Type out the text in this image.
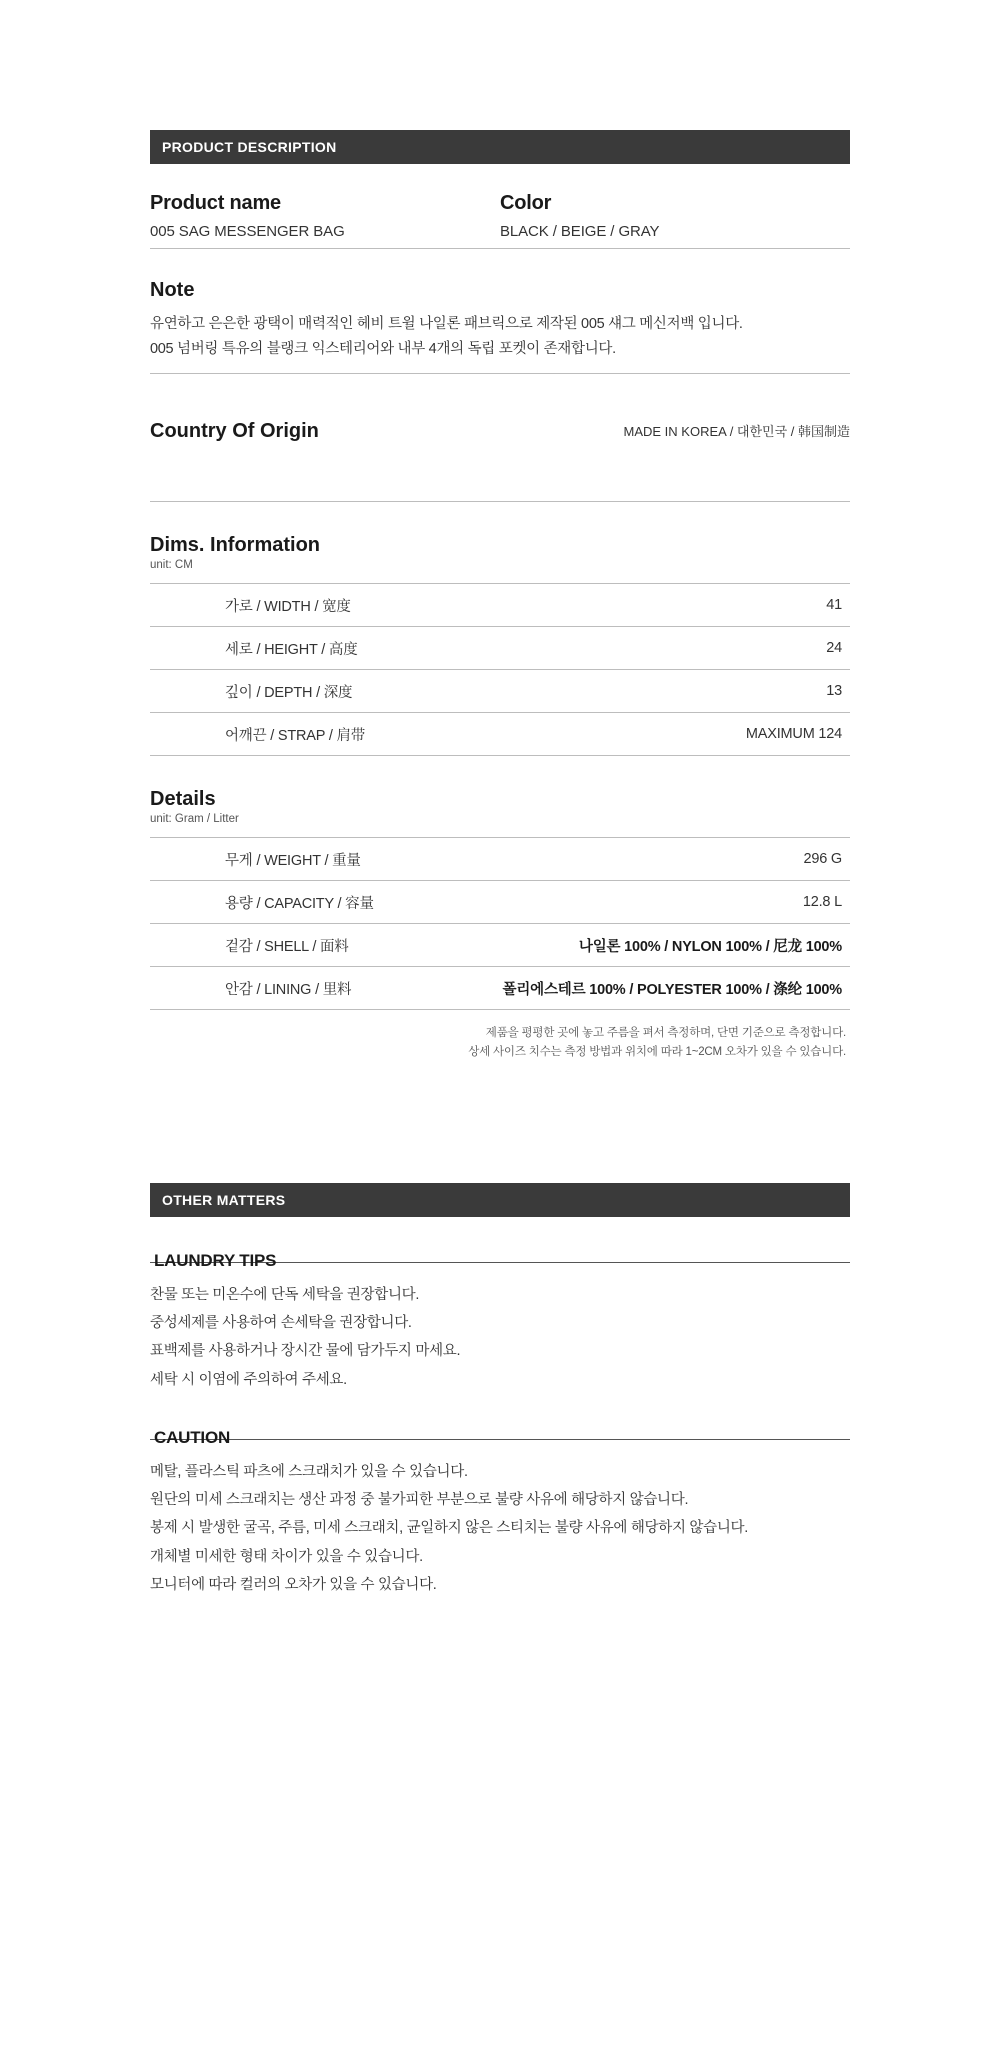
PRODUCT DESCRIPTION
Product name
005 SAG MESSENGER BAG
Color
BLACK / BEIGE / GRAY
Note
유연하고 은은한 광택이 매력적인 헤비 트윌 나일론 패브릭으로 제작된 005 섀그 메신저백 입니다.
005 넘버링 특유의 블랭크 익스테리어와 내부 4개의 독립 포켓이 존재합니다.
Country Of Origin	MADE IN KOREA / 대한민국 / 韩国制造
Dims. Information
unit: CM
가로 / WIDTH / 宽度	41
세로 / HEIGHT / 高度	24
깊이 / DEPTH / 深度	13
어깨끈 / STRAP / 肩带	MAXIMUM 124
Details
unit: Gram / Litter
무게 / WEIGHT / 重量	296 G
용량 / CAPACITY / 容量	12.8 L
겉감 / SHELL / 面料	나일론 100% / NYLON 100% / 尼龙 100%
안감 / LINING / 里料	폴리에스테르 100% / POLYESTER 100% / 涤纶 100%
제품을 평평한 곳에 놓고 주름을 펴서 측정하며, 단면 기준으로 측정합니다.
상세 사이즈 치수는 측정 방법과 위치에 따라 1~2CM 오차가 있을 수 있습니다.
OTHER MATTERS
LAUNDRY TIPS
찬물 또는 미온수에 단독 세탁을 권장합니다.
중성세제를 사용하여 손세탁을 권장합니다.
표백제를 사용하거나 장시간 물에 담가두지 마세요.
세탁 시 이염에 주의하여 주세요.
CAUTION
메탈, 플라스틱 파츠에 스크래치가 있을 수 있습니다.
원단의 미세 스크래치는 생산 과정 중 불가피한 부분으로 불량 사유에 해당하지 않습니다.
봉제 시 발생한 굴곡, 주름, 미세 스크래치, 균일하지 않은 스티치는 불량 사유에 해당하지 않습니다.
개체별 미세한 형태 차이가 있을 수 있습니다.
모니터에 따라 컬러의 오차가 있을 수 있습니다.
